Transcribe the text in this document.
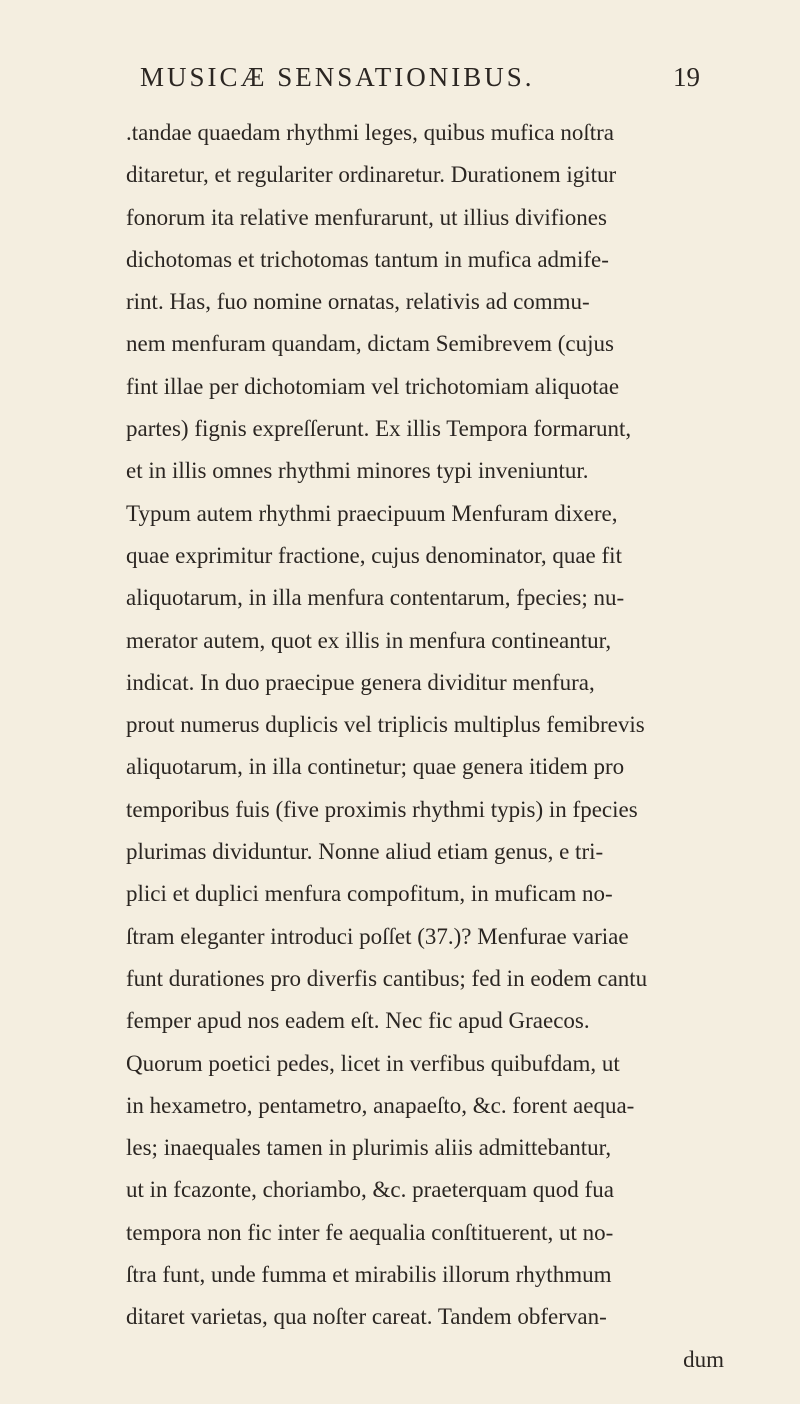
MUSICÆ SENSATIONIBUS.	19
.tandae quaedam rhythmi leges, quibus mufica noſtra
ditaretur, et regulariter ordinaretur. Durationem igitur
fonorum ita relative menfurarunt, ut illius divifiones
dichotomas et trichotomas tantum in mufica admife-
rint. Has, fuo nomine ornatas, relativis ad commu-
nem menfuram quandam, dictam Semibrevem (cujus
fint illae per dichotomiam vel trichotomiam aliquotae
partes) fignis expreſſerunt. Ex illis Tempora formarunt,
et in illis omnes rhythmi minores typi inveniuntur.
Typum autem rhythmi praecipuum Menfuram dixere,
quae exprimitur fractione, cujus denominator, quae fit
aliquotarum, in illa menfura contentarum, fpecies; nu-
merator autem, quot ex illis in menfura contineantur,
indicat. In duo praecipue genera dividitur menfura,
prout numerus duplicis vel triplicis multiplus femibrevis
aliquotarum, in illa continetur; quae genera itidem pro
temporibus fuis (five proximis rhythmi typis) in fpecies
plurimas dividuntur. Nonne aliud etiam genus, e tri-
plici et duplici menfura compofitum, in muficam no-
ſtram eleganter introduci poſſet (37.)? Menfurae variae
funt durationes pro diverfis cantibus; fed in eodem cantu
femper apud nos eadem eſt. Nec fic apud Graecos.
Quorum poetici pedes, licet in verfibus quibufdam, ut
in hexametro, pentametro, anapaeſto, &c. forent aequa-
les; inaequales tamen in plurimis aliis admittebantur,
ut in fcazonte, choriambo, &c. praeterquam quod fua
tempora non fic inter fe aequalia conſtituerent, ut no-
ſtra funt, unde fumma et mirabilis illorum rhythmum
ditaret varietas, qua noſter careat. Tandem obfervan-
dum
